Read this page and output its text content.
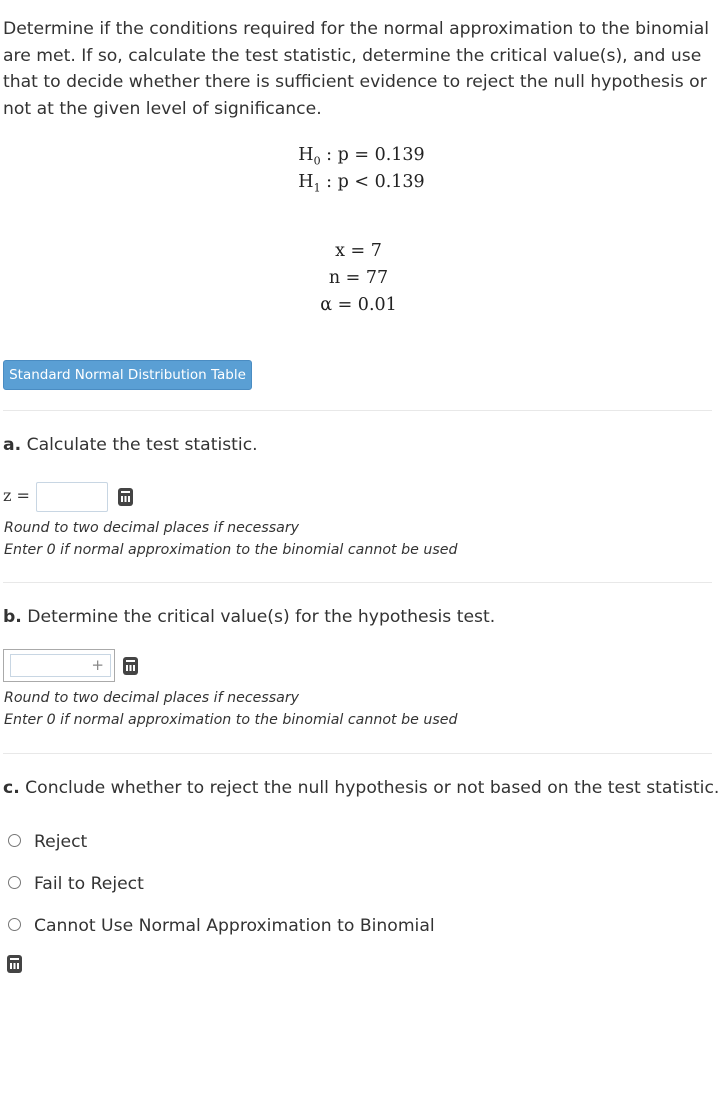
Determine if the conditions required for the normal approximation to the binomial are met. If so, calculate the test statistic, determine the critical value(s), and use that to decide whether there is sufficient evidence to reject the null hypothesis or not at the given level of significance.
$H_0$ : p = 0.139
$H_1$ : p < 0.139
x = 7
n = 77
α = 0.01
Standard Normal Distribution Table
a. Calculate the test statistic.
z =
Round to two decimal places if necessary
Enter 0 if normal approximation to the binomial cannot be used
b. Determine the critical value(s) for the hypothesis test.
+
Round to two decimal places if necessary
Enter 0 if normal approximation to the binomial cannot be used
c. Conclude whether to reject the null hypothesis or not based on the test statistic.
Reject
Fail to Reject
Cannot Use Normal Approximation to Binomial
